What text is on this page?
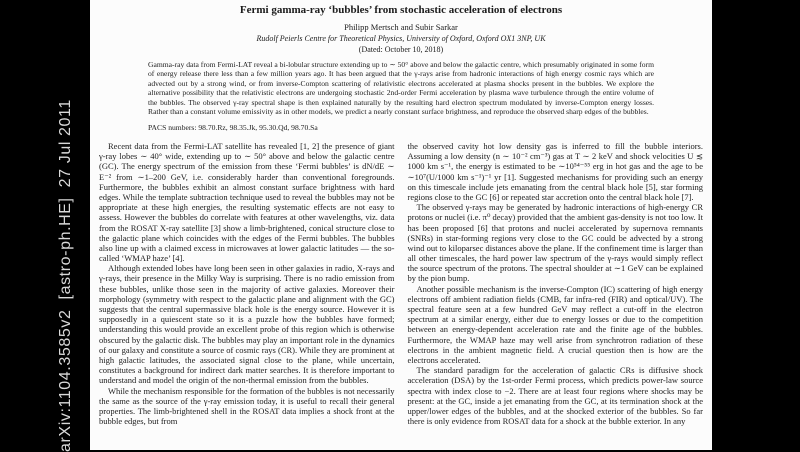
arXiv:1104.3585v2  [astro-ph.HE]  27 Jul 2011
Fermi gamma-ray ‘bubbles’ from stochastic acceleration of electrons
Philipp Mertsch and Subir Sarkar
Rudolf Peierls Centre for Theoretical Physics, University of Oxford, Oxford OX1 3NP, UK
(Dated: October 10, 2018)
Gamma-ray data from Fermi-LAT reveal a bi-lobular structure extending up to ∼ 50° above and below the galactic centre, which presumably originated in some form of energy release there less than a few million years ago. It has been argued that the γ-rays arise from hadronic interactions of high energy cosmic rays which are advected out by a strong wind, or from inverse-Compton scattering of relativistic electrons accelerated at plasma shocks present in the bubbles. We explore the alternative possibility that the relativistic electrons are undergoing stochastic 2nd-order Fermi acceleration by plasma wave turbulence through the entire volume of the bubbles. The observed γ-ray spectral shape is then explained naturally by the resulting hard electron spectrum modulated by inverse-Compton energy losses. Rather than a constant volume emissivity as in other models, we predict a nearly constant surface brightness, and reproduce the observed sharp edges of the bubbles.
PACS numbers: 98.70.Rz, 98.35.Jk, 95.30.Qd, 98.70.Sa

Recent data from the Fermi-LAT satellite has revealed [1, 2] the presence of giant γ-ray lobes ∼ 40° wide, extending up to ∼ 50° above and below the galactic centre (GC). The energy spectrum of the emission from these ‘Fermi bubbles’ is dN/dE ∼ E⁻² from ∼1–200 GeV, i.e. considerably harder than conventional foregrounds. Furthermore, the bubbles exhibit an almost constant surface brightness with hard edges. While the template subtraction technique used to reveal the bubbles may not be appropriate at these high energies, the resulting systematic effects are not easy to assess. However the bubbles do correlate with features at other wavelengths, viz. data from the ROSAT X-ray satellite [3] show a limb-brightened, conical structure close to the galactic plane which coincides with the edges of the Fermi bubbles. The bubbles also line up with a claimed excess in microwaves at lower galactic latitudes — the so-called ‘WMAP haze’ [4].

Although extended lobes have long been seen in other galaxies in radio, X-rays and γ-rays, their presence in the Milky Way is surprising. There is no radio emission from these bubbles, unlike those seen in the majority of active galaxies. Moreover their morphology (symmetry with respect to the galactic plane and alignment with the GC) suggests that the central supermassive black hole is the energy source. However it is supposedly in a quiescent state so it is a puzzle how the bubbles have formed; understanding this would provide an excellent probe of this region which is otherwise obscured by the galactic disk. The bubbles may play an important role in the dynamics of our galaxy and constitute a source of cosmic rays (CR). While they are prominent at high galactic latitudes, the associated signal close to the plane, while uncertain, constitutes a background for indirect dark matter searches. It is therefore important to understand and model the origin of the non-thermal emission from the bubbles.

While the mechanism responsible for the formation of the bubbles is not necessarily the same as the source of the γ-ray emission today, it is useful to recall their general properties. The limb-brightened shell in the ROSAT data implies a shock front at the bubble edges, but from

the observed cavity hot low density gas is inferred to fill the bubble interiors. Assuming a low density (n ∼ 10⁻² cm⁻³) gas at T ∼ 2 keV and shock velocities U ≲ 1000 km s⁻¹, the energy is estimated to be ∼10⁵⁴⁻⁵⁵ erg in hot gas and the age to be ∼10⁷(U/1000 km s⁻¹)⁻¹ yr [1]. Suggested mechanisms for providing such an energy on this timescale include jets emanating from the central black hole [5], star forming regions close to the GC [6] or repeated star accretion onto the central black hole [7].

The observed γ-rays may be generated by hadronic interactions of high-energy CR protons or nuclei (i.e. π⁰ decay) provided that the ambient gas-density is not too low. It has been proposed [6] that protons and nuclei accelerated by supernova remnants (SNRs) in star-forming regions very close to the GC could be advected by a strong wind out to kiloparsec distances above the plane. If the confinement time is larger than all other timescales, the hard power law spectrum of the γ-rays would simply reflect the source spectrum of the protons. The spectral shoulder at ∼1 GeV can be explained by the pion bump.

Another possible mechanism is the inverse-Compton (IC) scattering of high energy electrons off ambient radiation fields (CMB, far infra-red (FIR) and optical/UV). The spectral feature seen at a few hundred GeV may reflect a cut-off in the electron spectrum at a similar energy, either due to energy losses or due to the competition between an energy-dependent acceleration rate and the finite age of the bubbles. Furthermore, the WMAP haze may well arise from synchrotron radiation of these electrons in the ambient magnetic field. A crucial question then is how are the electrons accelerated.

The standard paradigm for the acceleration of galactic CRs is diffusive shock acceleration (DSA) by the 1st-order Fermi process, which predicts power-law source spectra with index close to −2. There are at least four regions where shocks may be present: at the GC, inside a jet emanating from the GC, at its termination shock at the upper/lower edges of the bubbles, and at the shocked exterior of the bubbles. So far there is only evidence from ROSAT data for a shock at the bubble exterior. In any
